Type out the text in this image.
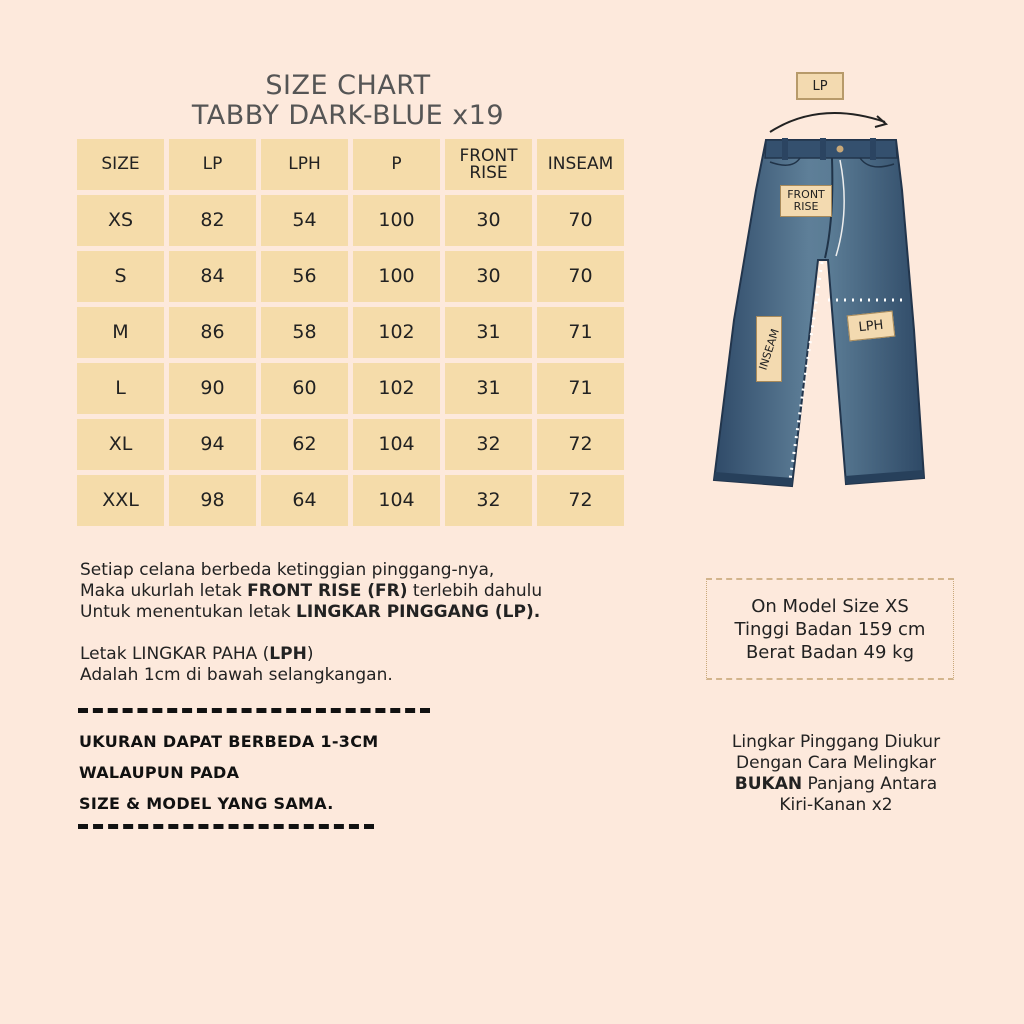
SIZE CHART
TABBY DARK-BLUE x19
SIZE	LP	LPH	P	FRONT RISE	INSEAM
XS	82	54	100	30	70
S	84	56	100	30	70
M	86	58	102	31	71
L	90	60	102	31	71
XL	94	62	104	32	72
XXL	98	64	104	32	72
Setiap celana berbeda ketinggian pinggang-nya,
Maka ukurlah letak FRONT RISE (FR) terlebih dahulu
Untuk menentukan letak LINGKAR PINGGANG (LP).
Letak LINGKAR PAHA (LPH)
Adalah 1cm di bawah selangkangan.
UKURAN DAPAT BERBEDA 1-3CM
WALAUPUN PADA
SIZE & MODEL YANG SAMA.
LP
FRONT RISE
LPH
INSEAM
On Model Size XS
Tinggi Badan 159 cm
Berat Badan 49 kg
Lingkar Pinggang Diukur
Dengan Cara Melingkar
BUKAN Panjang Antara
Kiri-Kanan x2
